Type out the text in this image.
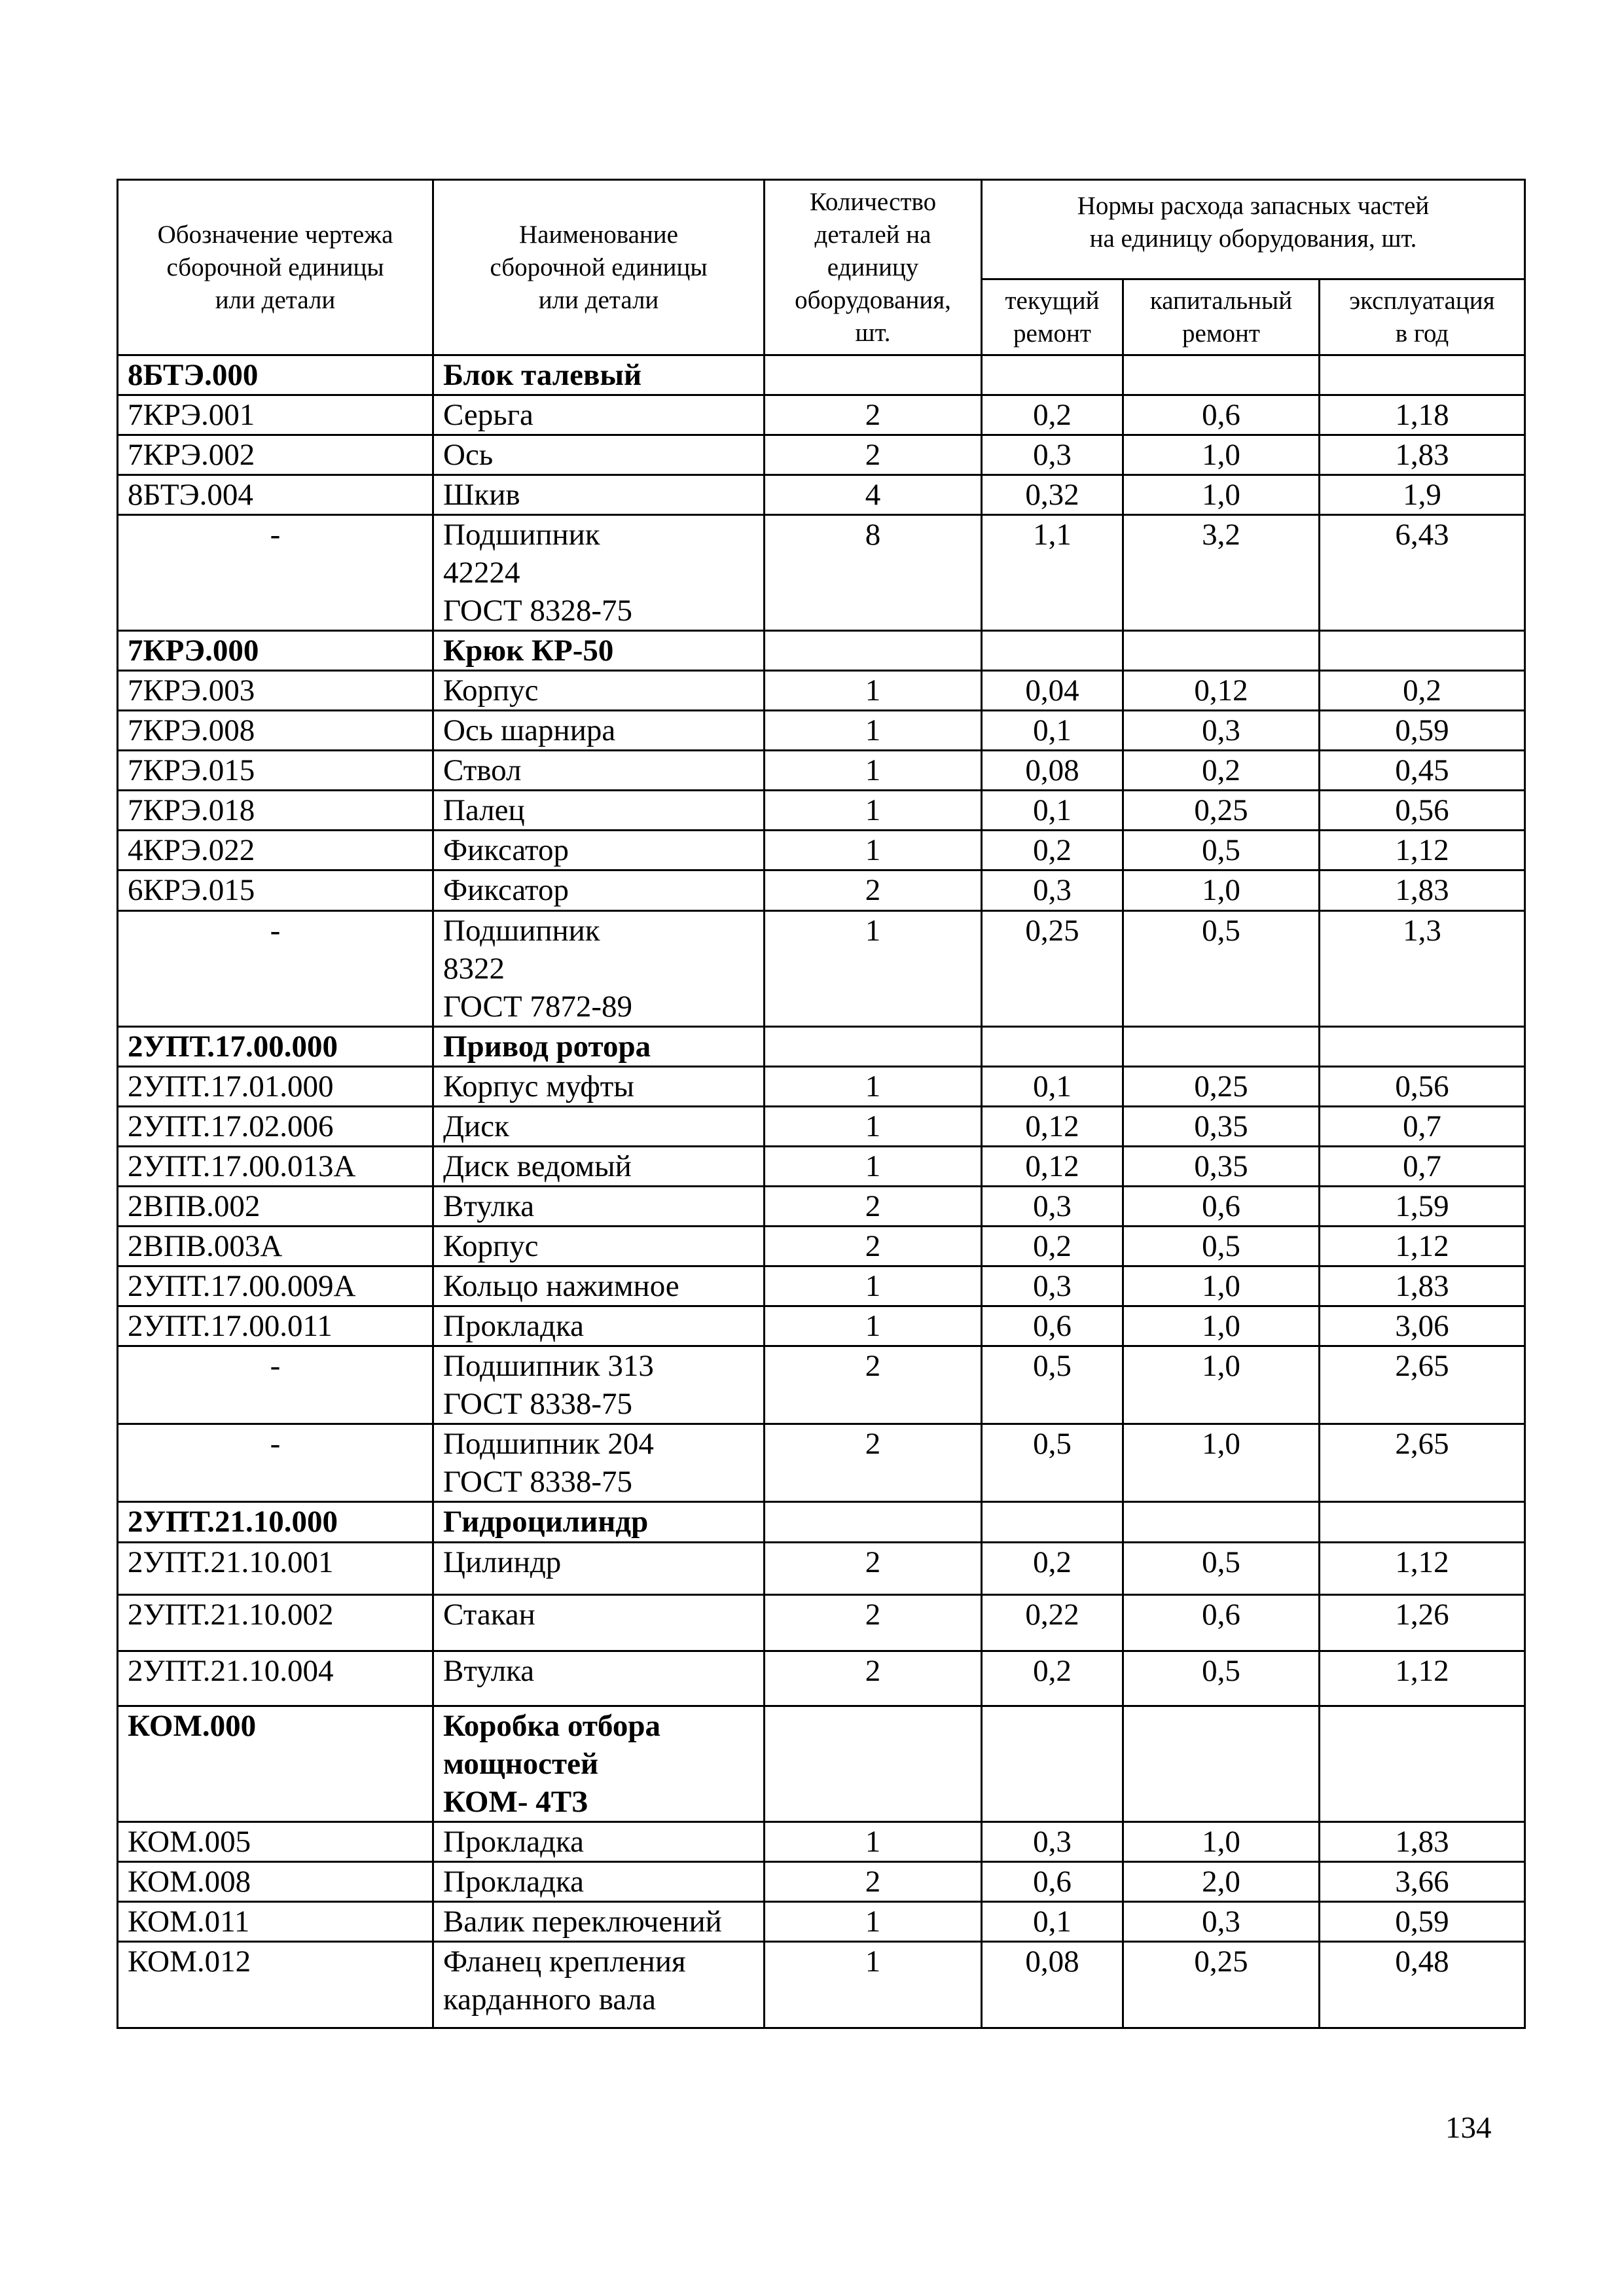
Обозначение чертежа
сборочной единицы
или детали	Наименование
сборочной единицы
или детали	Количество
деталей на
единицу
оборудования,
шт.	Нормы расхода запасных частей
на единицу оборудования, шт.		
			текущий
ремонт	капитальный
ремонт	эксплуатация
в год
8БТЭ.000	Блок талевый				
7КРЭ.001	Серьга	2	0,2	0,6	1,18
7КРЭ.002	Ось	2	0,3	1,0	1,83
8БТЭ.004	Шкив	4	0,32	1,0	1,9
-	Подшипник
42224
ГОСТ 8328-75	8	1,1	3,2	6,43
7КРЭ.000	Крюк КР-50				
7КРЭ.003	Корпус	1	0,04	0,12	0,2
7КРЭ.008	Ось шарнира	1	0,1	0,3	0,59
7КРЭ.015	Ствол	1	0,08	0,2	0,45
7КРЭ.018	Палец	1	0,1	0,25	0,56
4КРЭ.022	Фиксатор	1	0,2	0,5	1,12
6КРЭ.015	Фиксатор	2	0,3	1,0	1,83
-	Подшипник
8322
ГОСТ 7872-89	1	0,25	0,5	1,3
2УПТ.17.00.000	Привод ротора				
2УПТ.17.01.000	Корпус муфты	1	0,1	0,25	0,56
2УПТ.17.02.006	Диск	1	0,12	0,35	0,7
2УПТ.17.00.013А	Диск ведомый	1	0,12	0,35	0,7
2ВПВ.002	Втулка	2	0,3	0,6	1,59
2ВПВ.003А	Корпус	2	0,2	0,5	1,12
2УПТ.17.00.009А	Кольцо нажимное	1	0,3	1,0	1,83
2УПТ.17.00.011	Прокладка	1	0,6	1,0	3,06
-	Подшипник 313
ГОСТ 8338-75	2	0,5	1,0	2,65
-	Подшипник 204
ГОСТ 8338-75	2	0,5	1,0	2,65
2УПТ.21.10.000	Гидроцилиндр				
2УПТ.21.10.001	Цилиндр	2	0,2	0,5	1,12
2УПТ.21.10.002	Стакан	2	0,22	0,6	1,26
2УПТ.21.10.004	Втулка	2	0,2	0,5	1,12
КОМ.000	Коробка отбора
мощностей
КОМ- 4ТЗ				
КОМ.005	Прокладка	1	0,3	1,0	1,83
КОМ.008	Прокладка	2	0,6	2,0	3,66
КОМ.011	Валик переключений	1	0,1	0,3	0,59
КОМ.012	Фланец крепления
карданного вала	1	0,08	0,25	0,48
134
